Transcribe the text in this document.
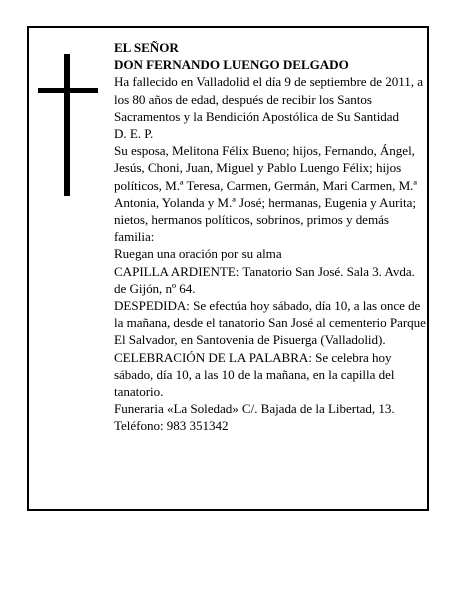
EL SEÑOR

DON FERNANDO LUENGO DELGADO

Ha fallecido en Valladolid el día 9 de septiembre de 2011, a los 80 años de edad, después de recibir los Santos Sacramentos y la Bendición Apostólica de Su Santidad

D. E. P.

Su esposa, Melitona Félix Bueno; hijos, Fernando, Ángel, Jesús, Choni, Juan, Miguel y Pablo Luengo Félix; hijos políticos, M.ª Teresa, Carmen, Germán, Mari Carmen, M.ª Antonia, Yolanda y M.ª José; hermanas, Eugenia y Aurita; nietos, hermanos políticos, sobrinos, primos y demás familia:

Ruegan una oración por su alma

CAPILLA ARDIENTE: Tanatorio San José. Sala 3. Avda. de Gijón, nº 64.

DESPEDIDA: Se efectúa hoy sábado, día 10, a las once de la mañana, desde el tanatorio San José al cementerio Parque El Salvador, en Santovenia de Pisuerga (Valladolid).

CELEBRACIÓN DE LA PALABRA: Se celebra hoy sábado, día 10, a las 10 de la mañana, en la capilla del tanatorio.

Funeraria «La Soledad» C/. Bajada de la Libertad, 13.

Teléfono: 983 351342
